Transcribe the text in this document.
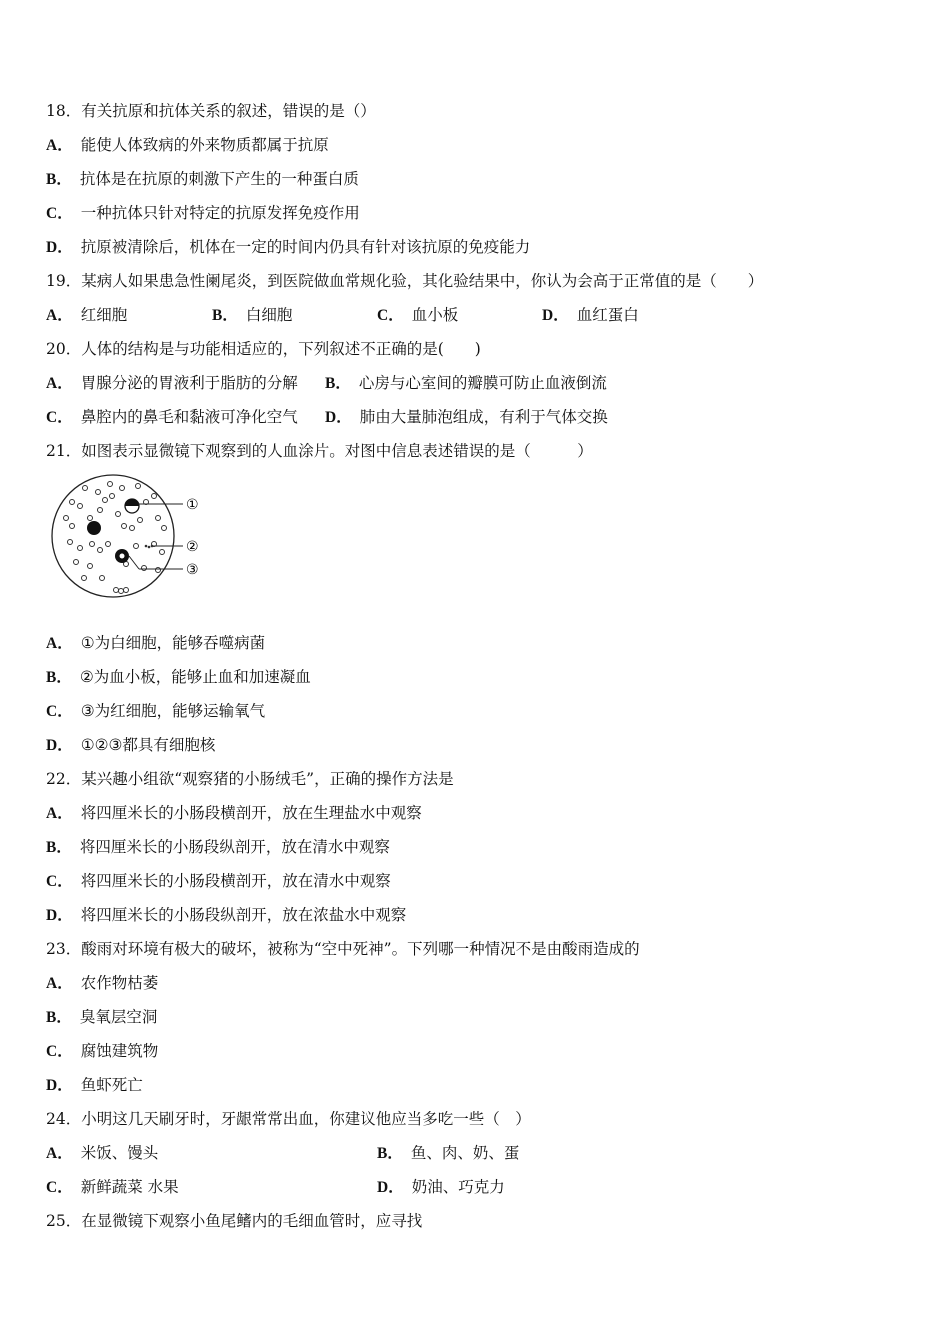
18．有关抗原和抗体关系的叙述，错误的是（）
A． 能使人体致病的外来物质都属于抗原
B． 抗体是在抗原的刺激下产生的一种蛋白质
C． 一种抗体只针对特定的抗原发挥免疫作用
D． 抗原被清除后，机体在一定的时间内仍具有针对该抗原的免疫能力
19．某病人如果患急性阑尾炎，到医院做血常规化验，其化验结果中，你认为会高于正常值的是（　　）
A． 红细胞	B． 白细胞	C． 血小板	D． 血红蛋白
20．人体的结构是与功能相适应的，下列叙述不正确的是(　　)
A． 胃腺分泌的胃液利于脂肪的分解 B． 心房与心室间的瓣膜可防止血液倒流
C． 鼻腔内的鼻毛和黏液可净化空气 D． 肺由大量肺泡组成，有利于气体交换
21．如图表示显微镜下观察到的人血涂片。对图中信息表述错误的是（　　　）
①
②
③
A． ①为白细胞，能够吞噬病菌
B． ②为血小板，能够止血和加速凝血
C． ③为红细胞，能够运输氧气
D． ①②③都具有细胞核
22．某兴趣小组欲“观察猪的小肠绒毛”，正确的操作方法是
A． 将四厘米长的小肠段横剖开，放在生理盐水中观察
B． 将四厘米长的小肠段纵剖开，放在清水中观察
C． 将四厘米长的小肠段横剖开，放在清水中观察
D． 将四厘米长的小肠段纵剖开，放在浓盐水中观察
23．酸雨对环境有极大的破坏，被称为“空中死神”。下列哪一种情况不是由酸雨造成的
A． 农作物枯萎
B． 臭氧层空洞
C． 腐蚀建筑物
D． 鱼虾死亡
24．小明这几天刷牙时，牙龈常常出血，你建议他应当多吃一些（　）
A． 米饭、馒头	B． 鱼、肉、奶、蛋
C． 新鲜蔬菜 水果	D． 奶油、巧克力
25．在显微镜下观察小鱼尾鳍内的毛细血管时，应寻找
